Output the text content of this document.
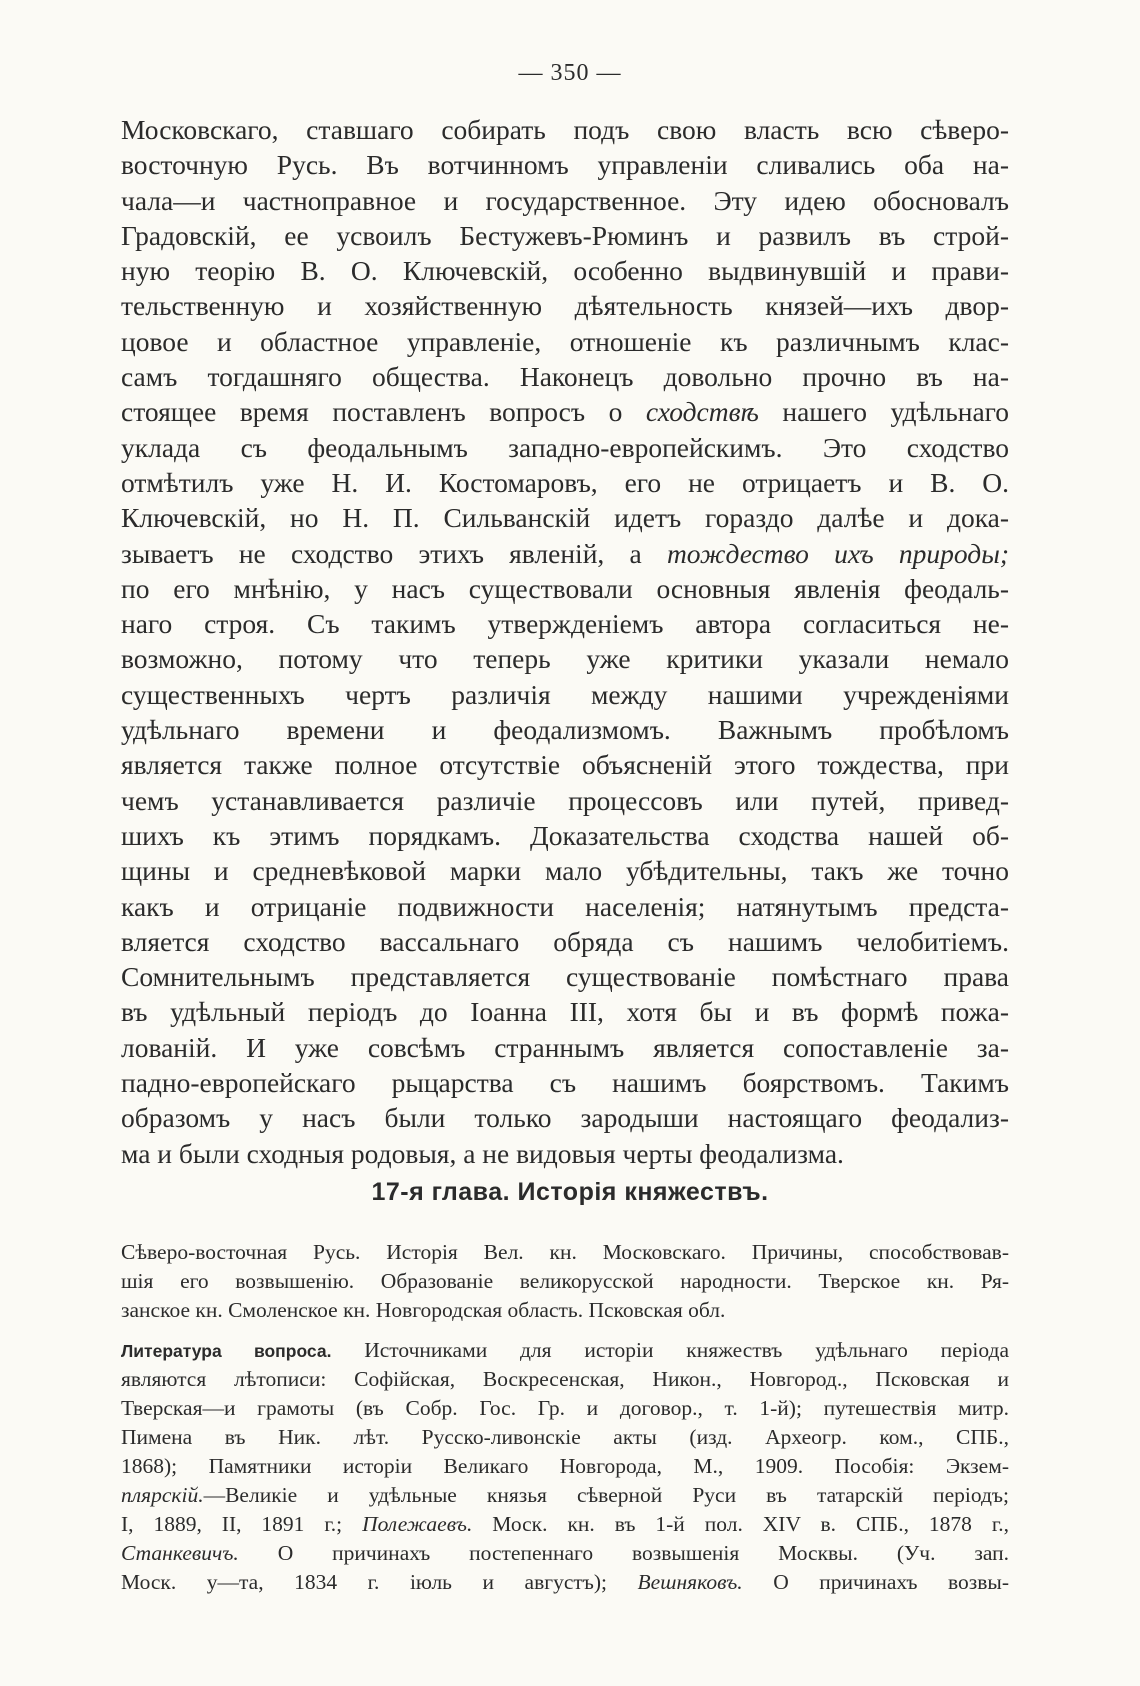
— 350 —
Московскаго, ставшаго собирать подъ свою власть всю сѣверо-
восточную Русь. Въ вотчинномъ управленіи сливались оба на-
чала—и частноправное и государственное. Эту идею обосновалъ
Градовскій, ее усвоилъ Бестужевъ-Рюминъ и развилъ въ строй-
ную теорію В. О. Ключевскій, особенно выдвинувшій и прави-
тельственную и хозяйственную дѣятельность князей—ихъ двор-
цовое и областное управленіе, отношеніе къ различнымъ клас-
самъ тогдашняго общества. Наконецъ довольно прочно въ на-
стоящее время поставленъ вопросъ о сходствѣ нашего удѣльнаго
уклада съ феодальнымъ западно-европейскимъ. Это сходство
отмѣтилъ уже Н. И. Костомаровъ, его не отрицаетъ и В. О.
Ключевскій, но Н. П. Сильванскій идетъ гораздо далѣе и дока-
зываетъ не сходство этихъ явленій, а тождество ихъ природы;
по его мнѣнію, у насъ существовали основныя явленія феодаль-
наго строя. Съ такимъ утвержденіемъ автора согласиться не-
возможно, потому что теперь уже критики указали немало
существенныхъ чертъ различія между нашими учрежденіями
удѣльнаго времени и феодализмомъ. Важнымъ пробѣломъ
является также полное отсутствіе объясненій этого тождества, при
чемъ устанавливается различіе процессовъ или путей, привед-
шихъ къ этимъ порядкамъ. Доказательства сходства нашей об-
щины и средневѣковой марки мало убѣдительны, такъ же точно
какъ и отрицаніе подвижности населенія; натянутымъ предста-
вляется сходство вассальнаго обряда съ нашимъ челобитіемъ.
Сомнительнымъ представляется существованіе помѣстнаго права
въ удѣльный періодъ до Іоанна III, хотя бы и въ формѣ пожа-
лованій. И уже совсѣмъ страннымъ является сопоставленіе за-
падно-европейскаго рыцарства съ нашимъ боярствомъ. Такимъ
образомъ у насъ были только зародыши настоящаго феодализ-
ма и были сходныя родовыя, а не видовыя черты феодализма.
17-я глава. Исторія княжествъ.
Сѣверо-восточная Русь. Исторія Вел. кн. Московскаго. Причины, способствовав-
шія его возвышенію. Образованіе великорусской народности. Тверское кн. Ря-
занское кн. Смоленское кн. Новгородская область. Псковская обл.
Литература вопроса. Источниками для исторіи княжествъ удѣльнаго періода
являются лѣтописи: Софійская, Воскресенская, Никон., Новгород., Псковская и
Тверская—и грамоты (въ Собр. Гос. Гр. и договор., т. 1-й); путешествія митр.
Пимена въ Ник. лѣт. Русско-ливонскіе акты (изд. Археогр. ком., СПБ.,
1868); Памятники исторіи Великаго Новгорода, М., 1909. Пособія: Экзем-
плярскій.—Великіе и удѣльные князья сѣверной Руси въ татарскій періодъ;
I, 1889, II, 1891 г.; Полежаевъ. Моск. кн. въ 1-й пол. XIV в. СПБ., 1878 г.,
Станкевичъ. О причинахъ постепеннаго возвышенія Москвы. (Уч. зап.
Моск. у—та, 1834 г. іюль и августъ); Вешняковъ. О причинахъ возвы-
